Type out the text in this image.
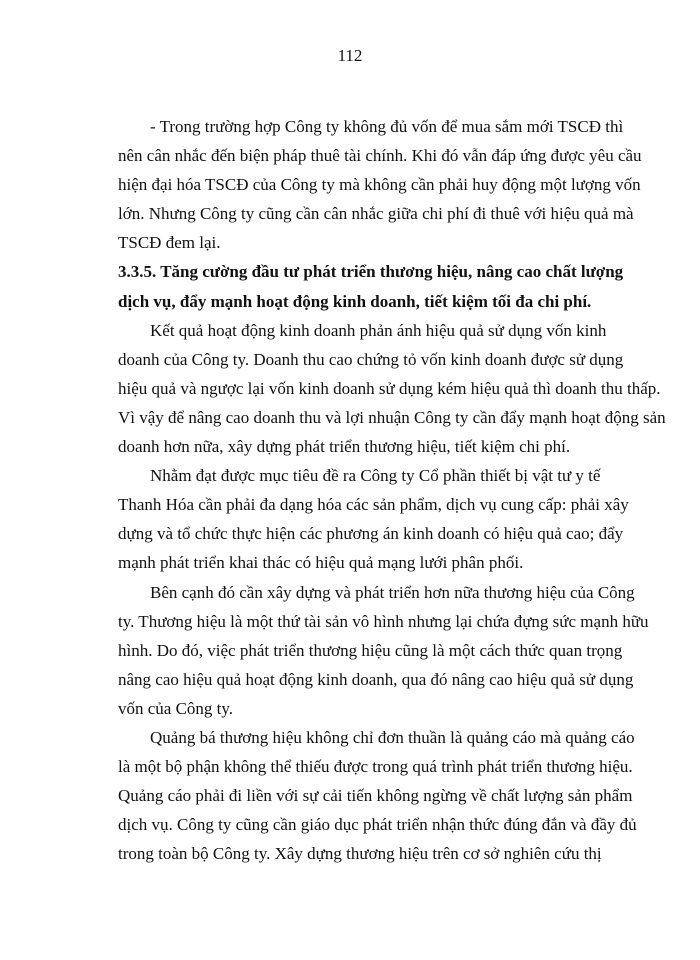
112
- Trong trường hợp Công ty không đủ vốn để mua sắm mới TSCĐ thì
nên cân nhắc đến biện pháp thuê tài chính. Khi đó vẫn đáp ứng được yêu cầu
hiện đại hóa TSCĐ của Công ty mà không cần phải huy động một lượng vốn
lớn. Nhưng Công ty cũng cần cân nhắc giữa chi phí đi thuê với hiệu quả mà
TSCĐ đem lại.
3.3.5. Tăng cường đầu tư phát triển thương hiệu, nâng cao chất lượng
dịch vụ, đẩy mạnh hoạt động kinh doanh, tiết kiệm tối đa chi phí.
Kết quả hoạt động kinh doanh phản ánh hiệu quả sử dụng vốn kinh
doanh của Công ty. Doanh thu cao chứng tỏ vốn kinh doanh được sử dụng
hiệu quả và ngược lại vốn kinh doanh sử dụng kém hiệu quả thì doanh thu thấp.
Vì vậy để nâng cao doanh thu và lợi nhuận Công ty cần đẩy mạnh hoạt động sản
doanh hơn nữa, xây dựng phát triển thương hiệu, tiết kiệm chi phí.
Nhằm đạt được mục tiêu đề ra Công ty Cổ phần thiết bị vật tư y tế
Thanh Hóa cần phải đa dạng hóa các sản phẩm, dịch vụ cung cấp: phải xây
dựng và tổ chức thực hiện các phương án kinh doanh có hiệu quả cao; đẩy
mạnh phát triển khai thác có hiệu quả mạng lưới phân phối.
Bên cạnh đó cần xây dựng và phát triển hơn nữa thương hiệu của Công
ty. Thương hiệu là một thứ tài sản vô hình nhưng lại chứa đựng sức mạnh hữu
hình. Do đó, việc phát triển thương hiệu cũng là một cách thức quan trọng
nâng cao hiệu quả hoạt động kinh doanh, qua đó nâng cao hiệu quả sử dụng
vốn của Công ty.
Quảng bá thương hiệu không chỉ đơn thuần là quảng cáo mà quảng cáo
là một bộ phận không thể thiếu được trong quá trình phát triển thương hiệu.
Quảng cáo phải đi liền với sự cải tiến không ngừng về chất lượng sản phẩm
dịch vụ. Công ty cũng cần giáo dục phát triển nhận thức đúng đắn và đầy đủ
trong toàn bộ Công ty. Xây dựng thương hiệu trên cơ sở nghiên cứu thị
